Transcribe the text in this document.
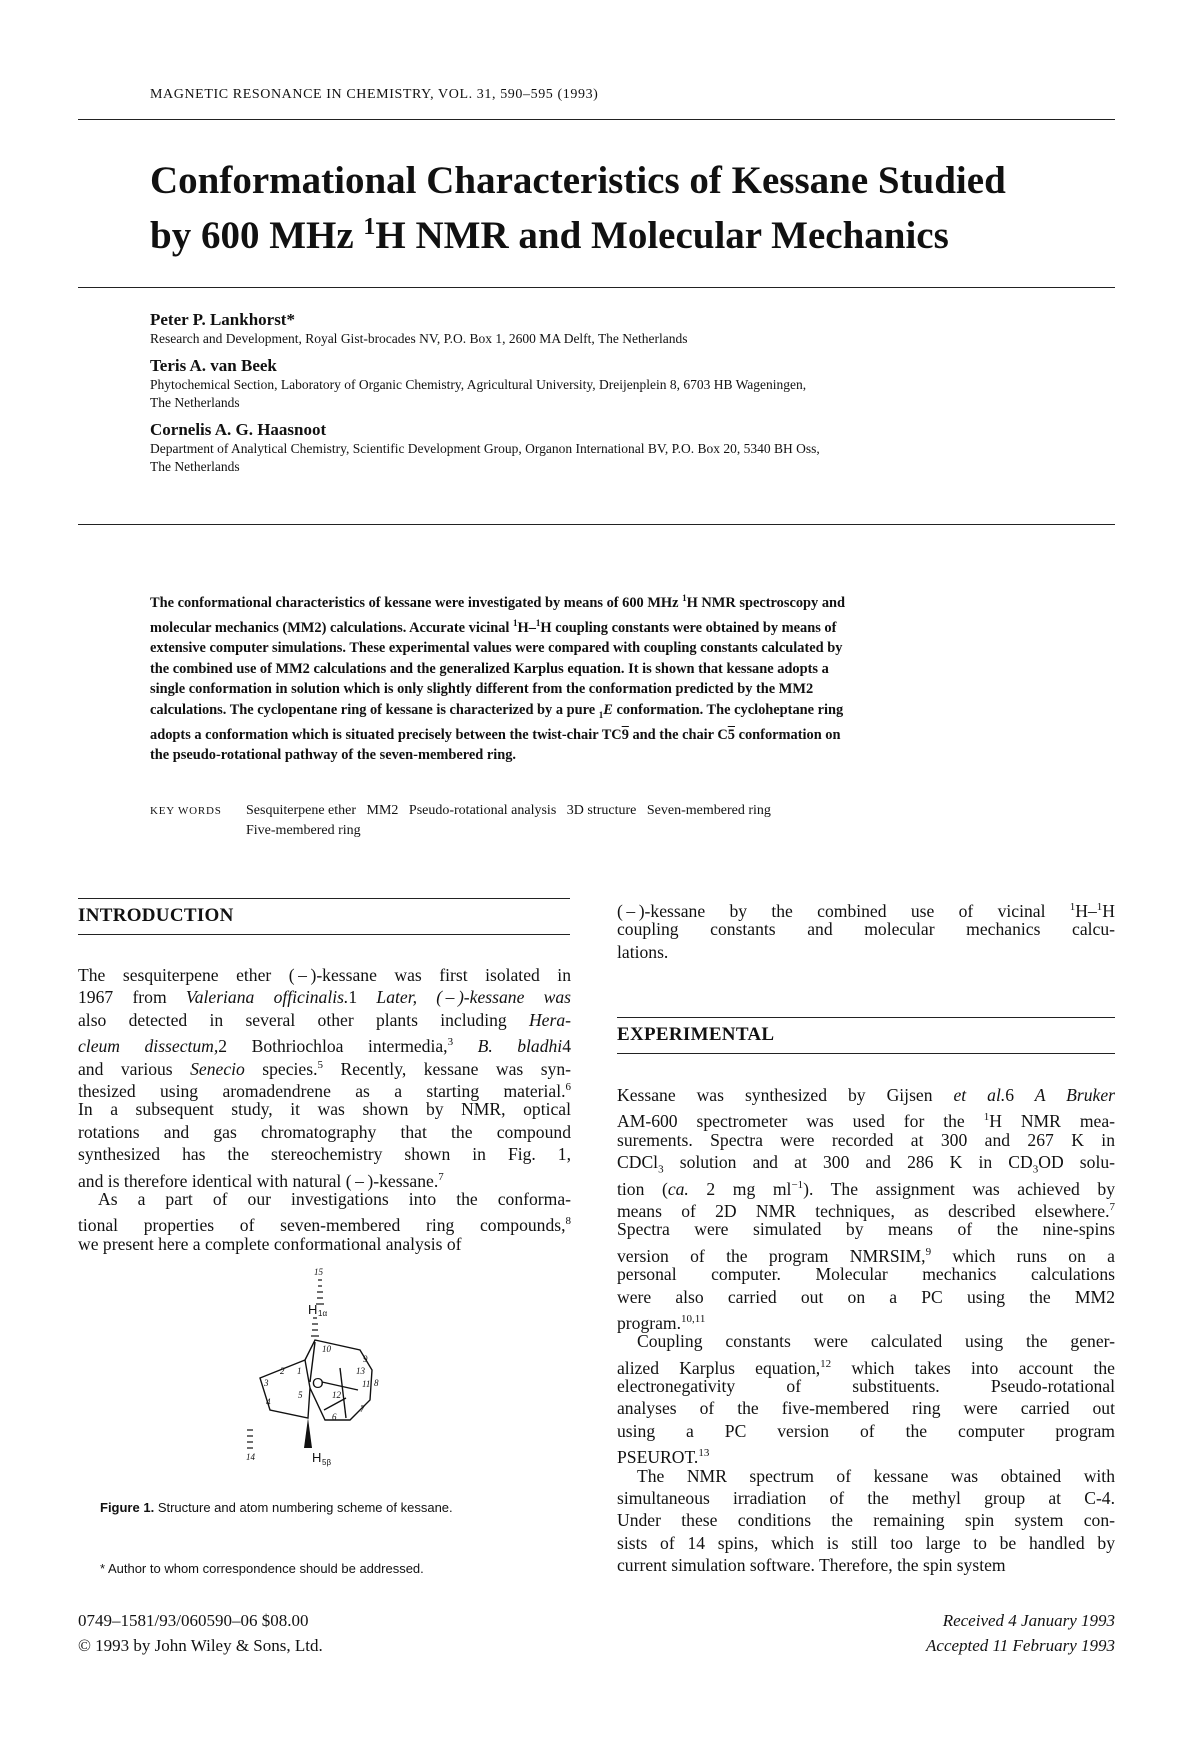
MAGNETIC RESONANCE IN CHEMISTRY, VOL. 31, 590–595 (1993)
Conformational Characteristics of Kessane Studied
by 600 MHz $^1$H NMR and Molecular Mechanics
Peter P. Lankhorst*
Research and Development, Royal Gist-brocades NV, P.O. Box 1, 2600 MA Delft, The Netherlands
Teris A. van Beek
Phytochemical Section, Laboratory of Organic Chemistry, Agricultural University, Dreijenplein 8, 6703 HB Wageningen,
The Netherlands
Cornelis A. G. Haasnoot
Department of Analytical Chemistry, Scientific Development Group, Organon International BV, P.O. Box 20, 5340 BH Oss,
The Netherlands
The conformational characteristics of kessane were investigated by means of 600 MHz $^1$H NMR spectroscopy and
molecular mechanics (MM2) calculations. Accurate vicinal $^1$H–$^1$H coupling constants were obtained by means of
extensive computer simulations. These experimental values were compared with coupling constants calculated by
the combined use of MM2 calculations and the generalized Karplus equation. It is shown that kessane adopts a
single conformation in solution which is only slightly different from the conformation predicted by the MM2
calculations. The cyclopentane ring of kessane is characterized by a pure $_1$E conformation. The cycloheptane ring
adopts a conformation which is situated precisely between the twist-chair TC9 and the chair C5 conformation on
the pseudo-rotational pathway of the seven-membered ring.
KEY WORDS Sesquiterpene ether   MM2   Pseudo-rotational analysis   3D structure   Seven-membered ring
Five-membered ring
INTRODUCTION
The sesquiterpene ether ( – )-kessane was first isolated in
1967 from Valeriana officinalis.1 Later, ( – )-kessane was
also detected in several other plants including Hera-
cleum dissectum,2 Bothriochloa intermedia,$^3$ B. bladhi4
and various Senecio species.$^5$ Recently, kessane was syn-
thesized using aromadendrene as a starting material.$^6$
In a subsequent study, it was shown by NMR, optical
rotations and gas chromatography that the compound
synthesized has the stereochemistry shown in Fig. 1,
and is therefore identical with natural ( – )-kessane.$^7$
As a part of our investigations into the conforma-
tional properties of seven-membered ring compounds,$^8$
we present here a complete conformational analysis of
15
10
9
13
11 8
12
7
6
5
4
3
2 1
14
H 1α
O
H 5β
Figure 1. Structure and atom numbering scheme of kessane.
* Author to whom correspondence should be addressed.
0749–1581/93/060590–06 $08.00
© 1993 by John Wiley & Sons, Ltd.
( – )-kessane by the combined use of vicinal $^1$H–$^1$H
coupling constants and molecular mechanics calcu-
lations.
EXPERIMENTAL
Kessane was synthesized by Gijsen et al.6 A Bruker
AM-600 spectrometer was used for the $^1$H NMR mea-
surements. Spectra were recorded at 300 and 267 K in
CDCl$_3$ solution and at 300 and 286 K in $CD_3OD$ solu-
tion (ca. 2 mg $ml^{-1}$). The assignment was achieved by
means of 2D NMR techniques, as described elsewhere.$^7$
Spectra were simulated by means of the nine-spins
version of the program NMRSIM,$^9$ which runs on a
personal computer. Molecular mechanics calculations
were also carried out on a PC using the MM2
program.$^{10,11}$
Coupling constants were calculated using the gener-
alized Karplus equation,$^{12}$ which takes into account the
electronegativity of substituents. Pseudo-rotational
analyses of the five-membered ring were carried out
using a PC version of the computer program
PSEUROT.$^{13}$
The NMR spectrum of kessane was obtained with
simultaneous irradiation of the methyl group at C-4.
Under these conditions the remaining spin system con-
sists of 14 spins, which is still too large to be handled by
current simulation software. Therefore, the spin system
Received 4 January 1993
Accepted 11 February 1993
